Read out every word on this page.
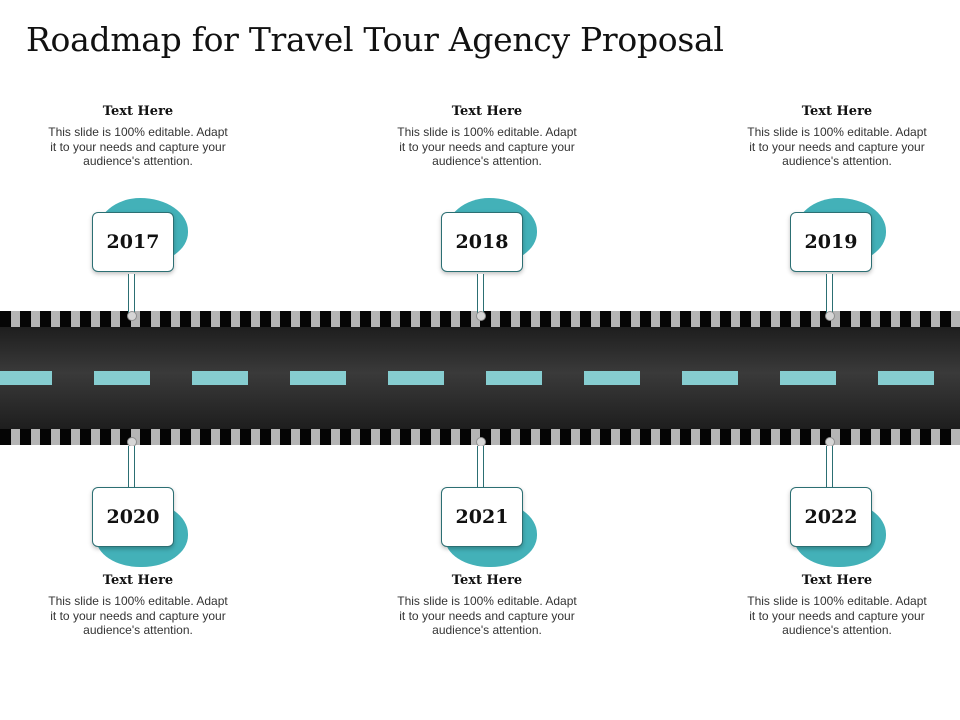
Roadmap for Travel Tour Agency Proposal
Text Here
This slide is 100% editable. Adapt it to your needs and capture your audience's attention.
2017
Text Here
This slide is 100% editable. Adapt it to your needs and capture your audience's attention.
2018
Text Here
This slide is 100% editable. Adapt it to your needs and capture your audience's attention.
2019
2020
Text Here
This slide is 100% editable. Adapt it to your needs and capture your audience's attention.
2021
Text Here
This slide is 100% editable. Adapt it to your needs and capture your audience's attention.
2022
Text Here
This slide is 100% editable. Adapt it to your needs and capture your audience's attention.
